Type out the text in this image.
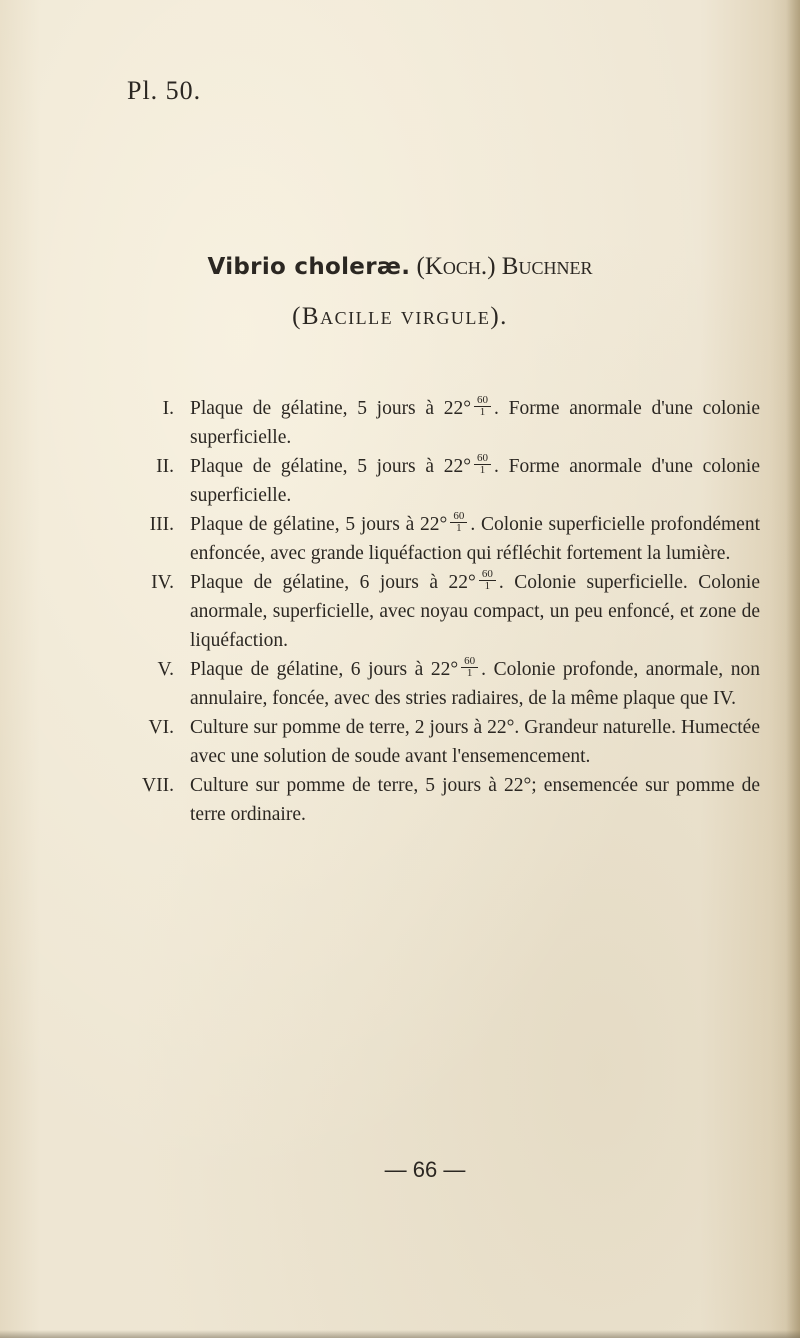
Pl. 50.
Vibrio choleræ. (Koch.) Buchner
(Bacille virgule).
I. Plaque de gélatine, 5 jours à $22^\circ \frac{60}{1}$ . Forme anormale d'une colonie superficielle.
II. Plaque de gélatine, 5 jours à $22^\circ \frac{60}{1}$ . Forme anormale d'une colonie superficielle.
III. Plaque de gélatine, 5 jours à $22^\circ \frac{60}{1}$ . Colonie superficielle profondément enfoncée, avec grande liquéfaction qui réfléchit fortement la lumière.
IV. Plaque de gélatine, 6 jours à $22^\circ \frac{60}{1}$ . Colonie superficielle. Colonie anormale, superficielle, avec noyau compact, un peu enfoncé, et zone de liquéfaction.
V. Plaque de gélatine, 6 jours à $22^\circ \frac{60}{1}$ . Colonie profonde, anormale, non annulaire, foncée, avec des stries radiaires, de la même plaque que IV.
VI. Culture sur pomme de terre, 2 jours à 22°. Grandeur naturelle. Humectée avec une solution de soude avant l'ensemencement.
VII. Culture sur pomme de terre, 5 jours à 22°; ensemencée sur pomme de terre ordinaire.
— 66 —
